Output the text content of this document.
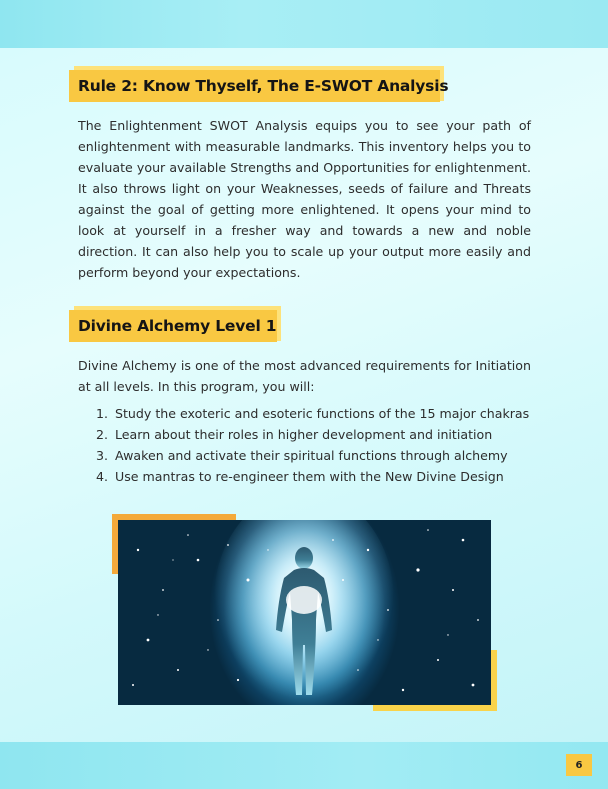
Rule 2: Know Thyself, The E-SWOT Analysis

The Enlightenment SWOT Analysis equips you to see your path of enlightenment with measurable landmarks. This inventory helps you to evaluate your available Strengths and Opportunities for enlightenment. It also throws light on your Weaknesses, seeds of failure and Threats against the goal of getting more enlightened. It opens your mind to look at yourself in a fresher way and towards a new and noble direction. It can also help you to scale up your output more easily and perform beyond your expectations.

Divine Alchemy Level 1

Divine Alchemy is one of the most advanced requirements for Initiation at all levels. In this program, you will:

1. Study the exoteric and esoteric functions of the 15 major chakras
2. Learn about their roles in higher development and initiation
3. Awaken and activate their spiritual functions through alchemy
4. Use mantras to re-engineer them with the New Divine Design
6
